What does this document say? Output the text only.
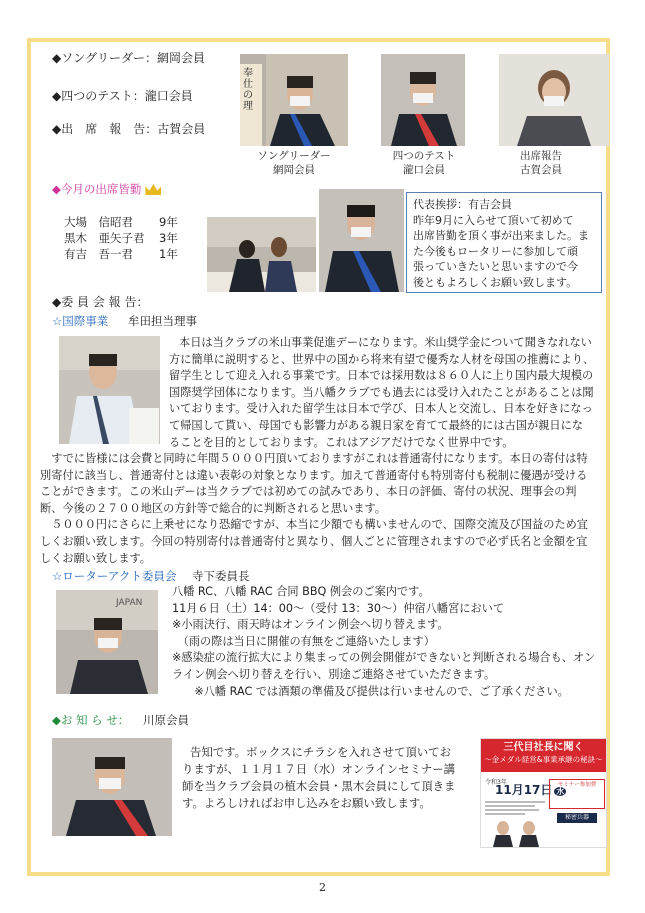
◆ソングリーダー：網岡会員
◆四つのテスト：瀧口会員
◆出　席　報　告：古賀会員
奉仕の理
ソングリーダー
網岡会員
四つのテスト
瀧口会員
出席報告
古賀会員
◆今月の出席皆勤
大場　信昭君 9年
黒木　亜矢子君 3年
有吉　吾一君 1年
代表挨拶：有吉会員
昨年9月に入らせて頂いて初めて
出席皆勤を頂く事が出来ました。ま
た今後もロータリーに参加して頑
張っていきたいと思いますので今
後ともよろしくお願い致します。
◆委 員 会 報 告：
☆国際事業 牟田担当理事

本日は当クラブの米山事業促進デーになります。米山奨学金について聞きなれない

方に簡単に説明すると、世界中の国から将来有望で優秀な人材を母国の推薦により、

留学生として迎え入れる事業です。日本では採用数は８６０人に上り国内最大規模の

国際奨学団体になります。当八幡クラブでも過去には受け入れたことがあることは聞

いております。受け入れた留学生は日本で学び、日本人と交流し、日本を好きになっ

て帰国して貰い、母国でも影響力がある親日家を育てて最終的には古国が親日にな

ることを目的としております。これはアジアだけでなく世界中です。

　すでに皆様には会費と同時に年間５０００円頂いておりますがこれは普通寄付になります。本日の寄付は特

別寄付に該当し、普通寄付とは違い表彰の対象となります。加えて普通寄付も特別寄付も税制に優遇が受ける

ことができます。この米山デーは当クラブでは初めての試みであり、本日の評価、寄付の状況、理事会の判

断、今後の２７００地区の方針等で総合的に判断されると思います。

　５０００円にさらに上乗せになり恐縮ですが、本当に少額でも構いませんので、国際交流及び国益のため宜

しくお願い致します。今回の特別寄付は普通寄付と異なり、個人ごとに管理されますので必ず氏名と金額を宜

しくお願い致します。

☆ローターアクト委員会 寺下委員長
JAPAN

八幡 RC、八幡 RAC 合同 BBQ 例会のご案内です。

11月６日（土）14：00〜（受付 13：30〜）仲宿八幡宮において

※小雨決行、雨天時はオンライン例会へ切り替えます。

　（雨の際は当日に開催の有無をご連絡いたします）

※感染症の流行拡大により集まっての例会開催ができないと判断される場合も、オン

ライン例会へ切り替えを行い、別途ご連絡させていただきます。

　　※八幡 RAC では酒類の準備及び提供は行いませんので、ご了承ください。

◆お 知 ら せ： 川原会員

告知です。ボックスにチラシを入れさせて頂いてお

りますが、１１月１７日（水）オンラインセミナー講

師を当クラブ会員の植木会員・黒木会員にして頂きま

す。よろしければお申し込みをお願い致します。

三代目社長に聞く
〜金メダル経営&事業承継の秘訣〜
令和3年
11月17日 水
セミナー参加費
秘密兵器
2
